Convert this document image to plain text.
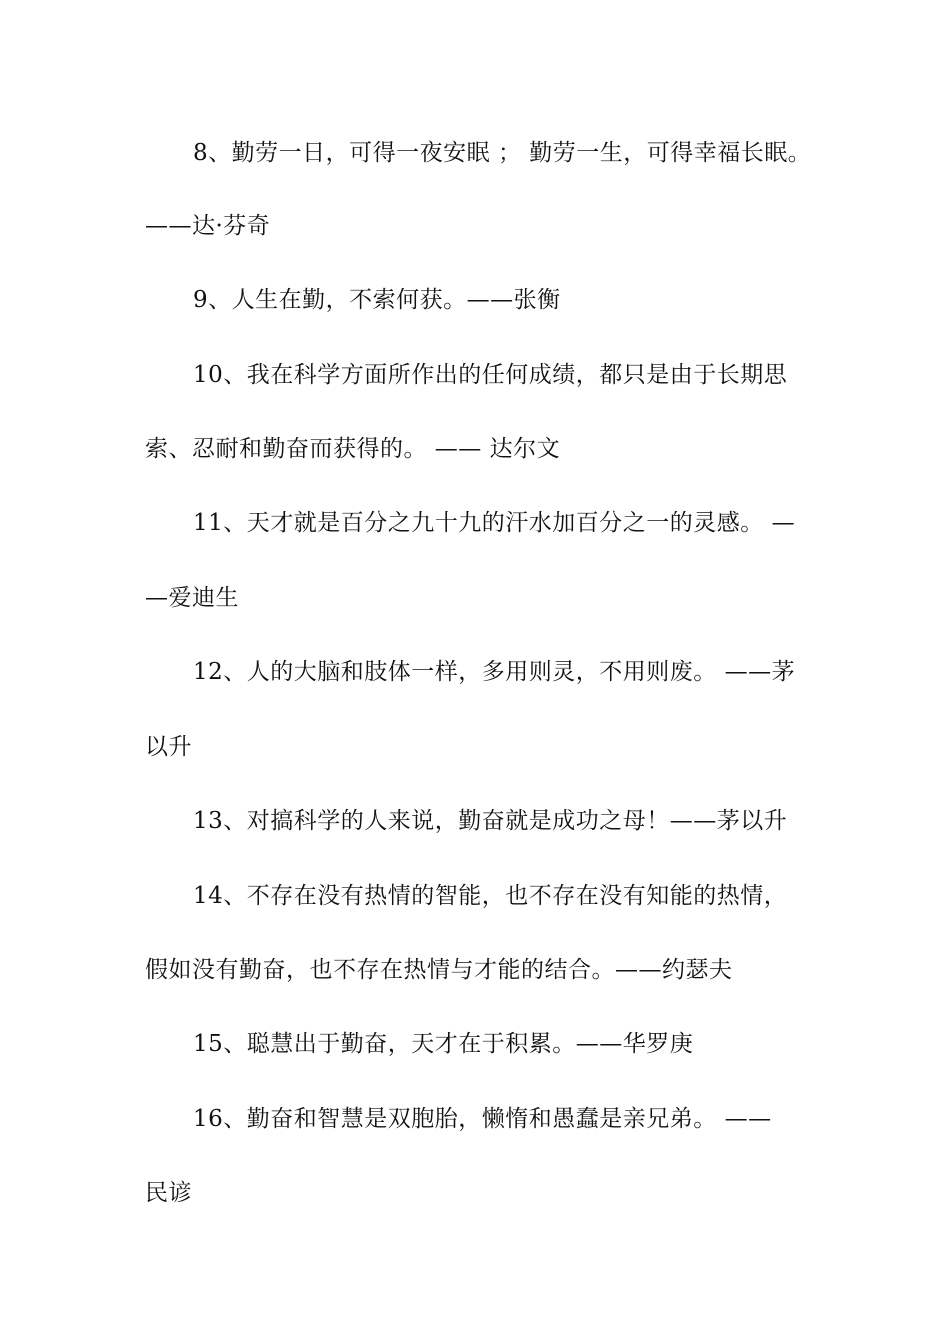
8、勤劳一日，可得一夜安眠 ； 勤劳一生，可得幸福长眠。
——达·芬奇
9、人生在勤，不索何获。——张衡
10、我在科学方面所作出的任何成绩，都只是由于长期思
索、忍耐和勤奋而获得的。 —— 达尔文
11、天才就是百分之九十九的汗水加百分之一的灵感。 —
—爱迪生
12、人的大脑和肢体一样，多用则灵，不用则废。 ——茅
以升
13、对搞科学的人来说，勤奋就是成功之母！——茅以升
14、不存在没有热情的智能，也不存在没有知能的热情，
假如没有勤奋，也不存在热情与才能的结合。——约瑟夫
15、聪慧出于勤奋，天才在于积累。——华罗庚
16、勤奋和智慧是双胞胎，懒惰和愚蠢是亲兄弟。 ——
民谚
